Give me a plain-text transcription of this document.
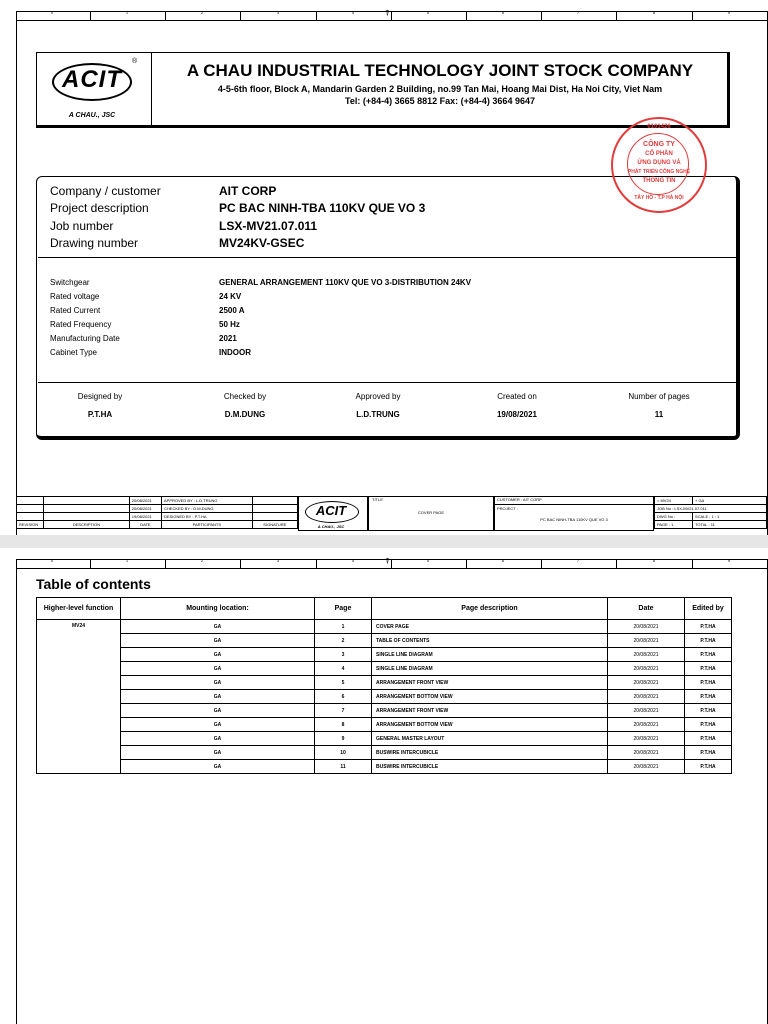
⍒
0	1	2	3	4	5	6	7	8	9
ACIT
®
A CHAU., JSC
A CHAU INDUSTRIAL TECHNOLOGY JOINT STOCK COMPANY
4-5-6th floor, Block A, Mandarin Garden 2 Building, no.99 Tan Mai, Hoang Mai Dist, Ha Noi City, Viet Nam
Tel: (+84-4) 3665 8812 Fax: (+84-4) 3664 9647
Company / customer	AIT CORP
Project description	PC BAC NINH-TBA 110KV QUE VO 3
Job number	LSX-MV21.07.011
Drawing number	MV24KV-GSEC
Switchgear	GENERAL ARRANGEMENT 110KV QUE VO 3-DISTRIBUTION 24KV
Rated voltage	24 KV
Rated Current	2500 A
Rated Frequency	50 Hz
Manufacturing Date	2021
Cabinet Type	INDOOR
Designed by
P.T.HA
Checked by
D.M.DUNG
Approved by
L.D.TRUNG
Created on
19/08/2021
Number of pages
11
0101426
CÔNG TY
CỔ PHẦN
ỨNG DỤNG VÀ
PHÁT TRIỂN CÔNG NGHỆ
THÔNG TIN
TÂY HỒ - T.P HÀ NỘI
		20/08/2021	APPROVED BY : L.D.TRUNG	
		20/08/2021	CHECKED BY : D.M.DUNG	
		19/08/2021	DESIGNED BY : P.T.HA	
REVISION	DESCRIPTION	DATE	PARTICIPANTS	SIGNATURE
ACIT
A CHAU., JSC
TITLE
COVER PAGE
CUSTOMER : AIT CORP
PROJECT :
PC BAC NINH-TBA 110KV QUE VO 3
= MV24	+ GA
JOB No : LSX-MV21.07.011	
DWG No :	SCALE : 1 : 1
PAGE : 1	TOTAL : 11
⍒
0	1	2	3	4	5	6	7	8	9
Table of contents
Higher-level function	Mounting location:	Page	Page description	Date	Edited by
MV24	GA	1	COVER PAGE	20/08/2021	P.T.HA
	GA	2	TABLE OF CONTENTS	20/08/2021	P.T.HA
	GA	3	SINGLE LINE DIAGRAM	20/08/2021	P.T.HA
	GA	4	SINGLE LINE DIAGRAM	20/08/2021	P.T.HA
	GA	5	ARRANGEMENT FRONT VIEW	20/08/2021	P.T.HA
	GA	6	ARRANGEMENT BOTTOM VIEW	20/08/2021	P.T.HA
	GA	7	ARRANGEMENT FRONT VIEW	20/08/2021	P.T.HA
	GA	8	ARRANGEMENT BOTTOM VIEW	20/08/2021	P.T.HA
	GA	9	GENERAL MASTER LAYOUT	20/08/2021	P.T.HA
	GA	10	BUSWIRE INTERCUBICLE	20/08/2021	P.T.HA
	GA	11	BUSWIRE INTERCUBICLE	20/08/2021	P.T.HA
